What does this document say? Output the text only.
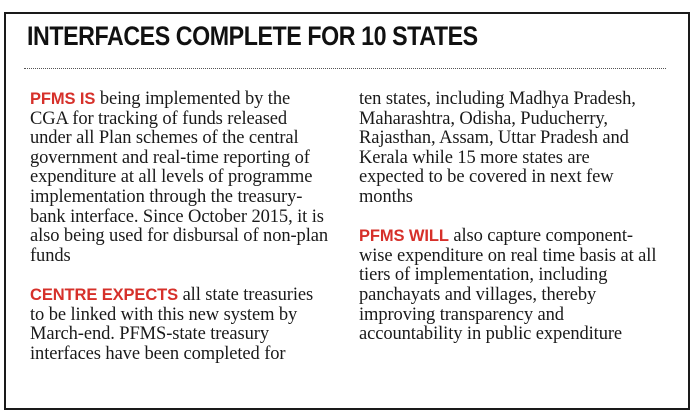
INTERFACES COMPLETE FOR 10 STATES

PFMS IS being implemented by the CGA for tracking of funds released under all Plan schemes of the central government and real-time reporting of expenditure at all levels of programme implementation through the treasury-bank interface. Since October 2015, it is also being used for disbursal of non-plan funds

CENTRE EXPECTS all state treasuries to be linked with this new system by March-end. PFMS-state treasury interfaces have been completed for

ten states, including Madhya Pradesh, Maharashtra, Odisha, Puducherry, Rajasthan, Assam, Uttar Pradesh and Kerala while 15 more states are expected to be covered in next few months

PFMS WILL also capture component-wise expenditure on real time basis at all tiers of implementation, including panchayats and villages, thereby improving transparency and accountability in public expenditure
